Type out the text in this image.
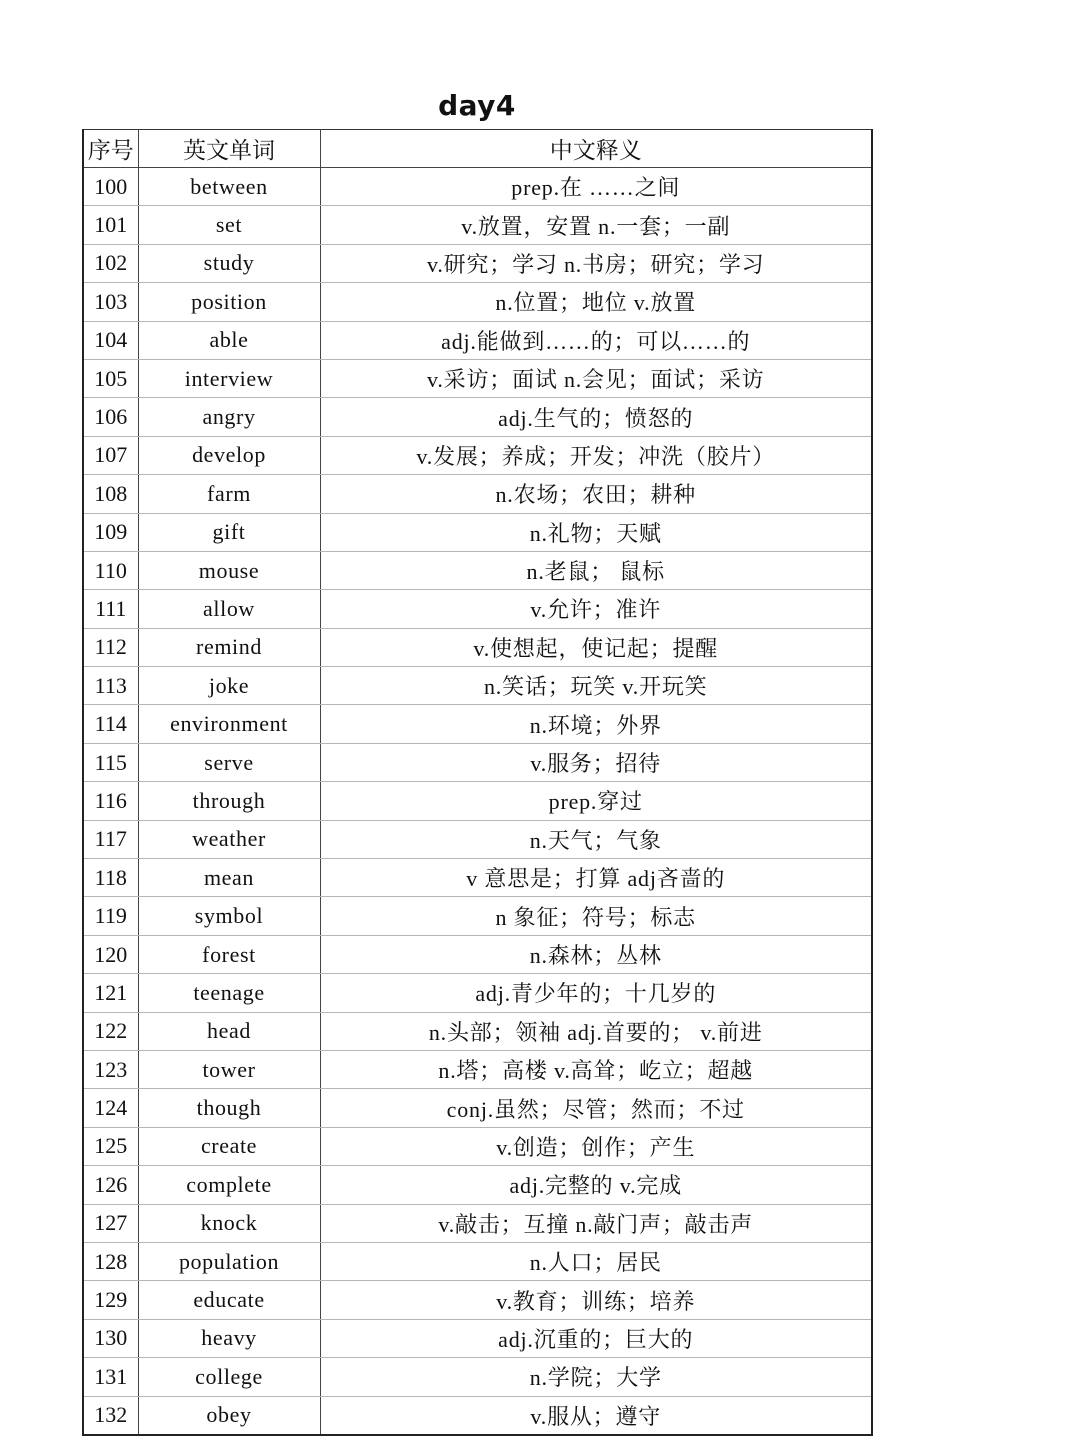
day4
序号	英文单词	中文释义
100	between	prep.在 ……之间
101	set	v.放置，安置 n.一套；一副
102	study	v.研究；学习 n.书房；研究；学习
103	position	n.位置；地位 v.放置
104	able	adj.能做到……的；可以……的
105	interview	v.采访；面试 n.会见；面试；采访
106	angry	adj.生气的；愤怒的
107	develop	v.发展；养成；开发；冲洗（胶片）
108	farm	n.农场；农田；耕种
109	gift	n.礼物；天赋
110	mouse	n.老鼠； 鼠标
111	allow	v.允许；准许
112	remind	v.使想起，使记起；提醒
113	joke	n.笑话；玩笑 v.开玩笑
114	environment	n.环境；外界
115	serve	v.服务；招待
116	through	prep.穿过
117	weather	n.天气；气象
118	mean	v 意思是；打算 adj吝啬的
119	symbol	n 象征；符号；标志
120	forest	n.森林；丛林
121	teenage	adj.青少年的；十几岁的
122	head	n.头部；领袖 adj.首要的； v.前进
123	tower	n.塔；高楼 v.高耸；屹立；超越
124	though	conj.虽然；尽管；然而；不过
125	create	v.创造；创作；产生
126	complete	adj.完整的 v.完成
127	knock	v.敲击；互撞 n.敲门声；敲击声
128	population	n.人口；居民
129	educate	v.教育；训练；培养
130	heavy	adj.沉重的；巨大的
131	college	n.学院；大学
132	obey	v.服从；遵守
